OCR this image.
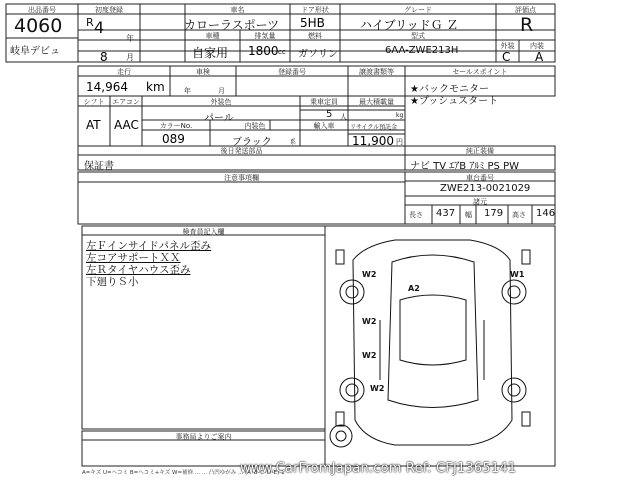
出品番号
4060
岐阜デビュ
初度登録
R 4
年
8 月
車名
カローラスポーツ
ドア形状
5HB
グレード
ハイブリッドＧ Ｚ
評価点
R
車種
自家用
排気量
1800 cc
燃料
ガソリン
型式
6AA-ZWE213H	外装
C
内装
A
走行
14,964 km
車検
年	月
登録番号	譲渡書類等	セールスポイント
★バックモニター
★プッシュスタート
シフト
AT
エアコン
AAC
外装色
パール
乗車定員
5 人
最大積載量
kg
カラーNo.
089
内装色
ブラック	系
輸入車	リサイクル預託金
11,900 円
後日発送部品
保証書
純正装備
ナビ TV ｴｱB ｱﾙﾐ PS PW
注意事項欄	車台番号
ZWE213-0021029
諸元
長さ 437 幅 179 高さ 146
検査員記入欄
左Ｆインサイドパネル歪み
左コアサポートＸＸ
左Ｒタイヤハウス歪み
下廻りＳ小
W2	W1
A2
W2
W2
W2
事務局よりご案内
A=キズ U=ヘコミ B=ヘコミ+キズ W=補修 ... ... 凸凹ゆがみ ... (A･B･C･D･E) 1
www.CarFromJapan.com Ref: CFJ1365141
